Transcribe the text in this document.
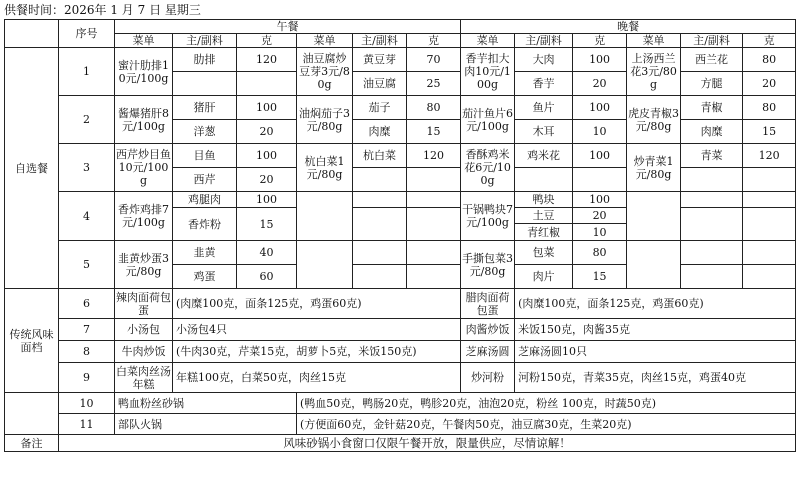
供餐时间：2026年 1 月 7 日 星期三
	序号	午餐						晚餐					
		菜单	主/副料	克	菜单	主/副料	克	菜单	主/副料	克	菜单	主/副料	克
自选餐	1	蜜汁肋排10元/100g	肋排	120	油豆腐炒豆芽3元/80g	黄豆芽	70	香芋扣大肉10元/100g	大肉	100	上汤西兰花3元/80g	西兰花	80
						油豆腐	25		香芋	20		方腿	20
	2	酱爆猪肝8元/100g	猪肝	100	油焖茄子3元/80g	茄子	80	茄汁鱼片6元/100g	鱼片	100	虎皮青椒3元/80g	青椒	80
			洋葱	20		肉糜	15		木耳	10		肉糜	15
	3	西芹炒目鱼10元/100g	目鱼	100	杭白菜1元/80g	杭白菜	120	香酥鸡米花6元/100g	鸡米花	100	炒青菜1元/80g	青菜	120
			西芹	20									
	4	香炸鸡排7元/100g	鸡腿肉	100				干锅鸭块7元/100g	鸭块	100			
			香炸粉	15					土豆	20			
									青红椒	10			
	5	韭黄炒蛋3元/80g	韭黄	40				手撕包菜3元/80g	包菜	80			
			鸡蛋	60					肉片	15			
传统风味面档	6	辣肉面荷包蛋	(肉糜100克，面条125克，鸡蛋60克)					腊肉面荷包蛋	(肉糜100克，面条125克，鸡蛋60克)				
	7	小汤包	小汤包4只					肉酱炒饭	米饭150克，肉酱35克				
	8	牛肉炒饭	(牛肉30克，芹菜15克，胡萝卜5克，米饭150克)					芝麻汤圆	芝麻汤圆10只				
	9	白菜肉丝汤年糕	年糕100克，白菜50克，肉丝15克					炒河粉	河粉150克，青菜35克，肉丝15克，鸡蛋40克				
	10	鸭血粉丝砂锅			(鸭血50克，鸭肠20克，鸭胗20克，油泡20克，粉丝 100克，时蔬50克)								
	11	部队火锅			(方便面60克，金针菇20克，午餐肉50克，油豆腐30克，生菜20克)								
备注	风味砂锅小食窗口仅限午餐开放，限量供应，尽情谅解！												
